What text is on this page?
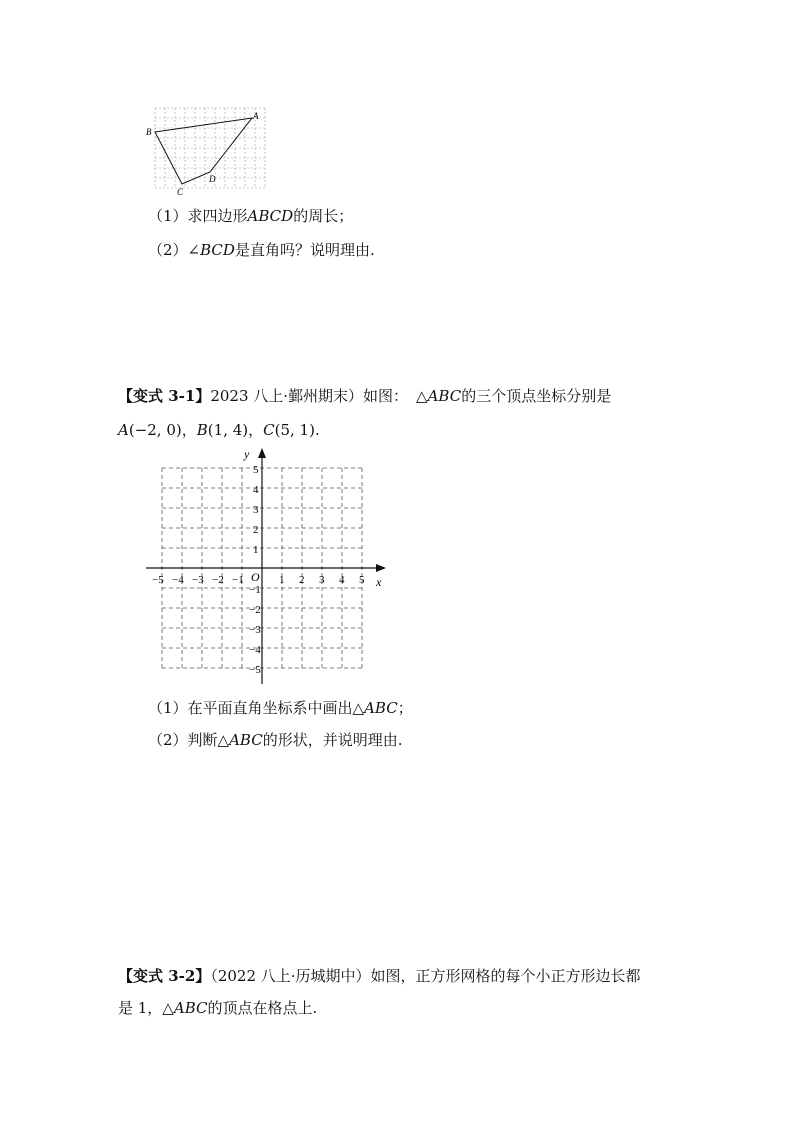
B
A
C
D
（1）求四边形ABCD的周长；
（2）∠BCD是直角吗？说明理由.
【变式 3-1】2023 八上·鄞州期末）如图： △ABC的三个顶点坐标分别是
A(−2, 0)，B(1, 4)，C(5, 1).
x
y
O
−5 −4 −3 −2 −1	1 2 3 4 5
5
4
3
2
1
−1
−2
−3
−4
−5
（1）在平面直角坐标系中画出△ABC；
（2）判断△ABC的形状，并说明理由.
【变式 3-2】（2022 八上·历城期中）如图，正方形网格的每个小正方形边长都
是 1，△ABC的顶点在格点上.
